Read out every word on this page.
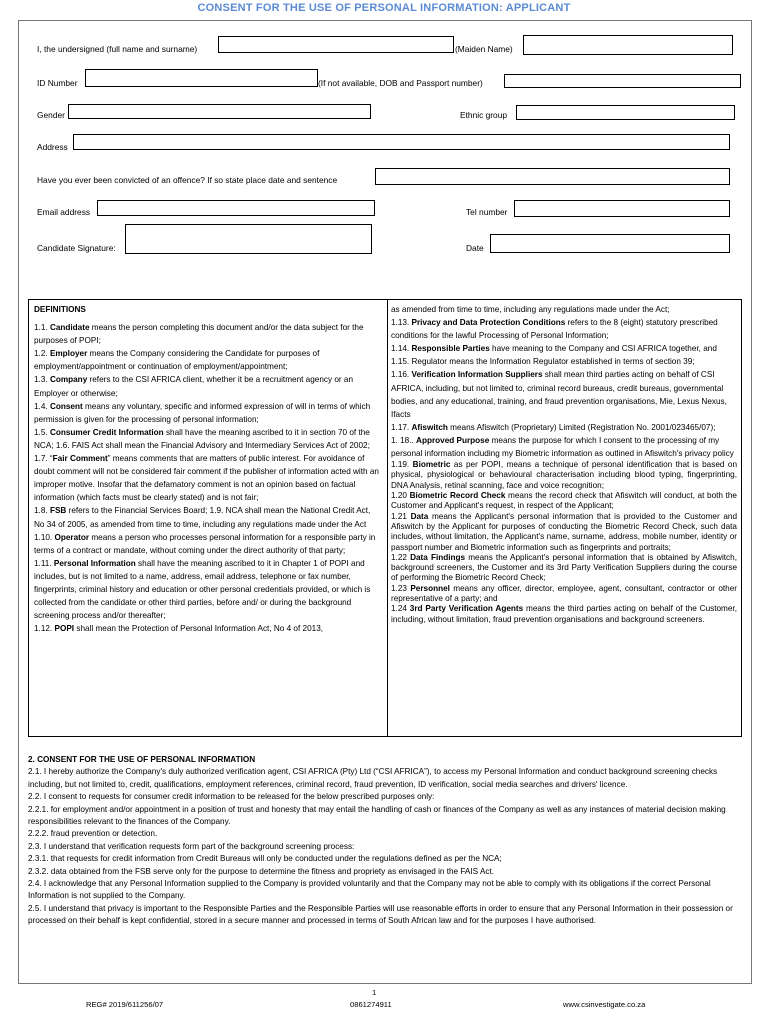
CONSENT FOR THE USE OF PERSONAL INFORMATION: APPLICANT
I, the undersigned (full name and surname)	(Maiden Name)
ID Number	(If not available, DOB and Passport number)
Gender	Ethnic group
Address
Have you ever been convicted of an offence? If so state place date and sentence
Email address	Tel number
Candidate Signature:	Date
DEFINITIONS

1.1. Candidate means the person completing this document and/or the data subject for the purposes of POPI;

1.2. Employer means the Company considering the Candidate for purposes of employment/appointment or continuation of employment/appointment;

1.3. Company refers to the CSI AFRICA client, whether it be a recruitment agency or an Employer or otherwise;

1.4. Consent means any voluntary, specific and informed expression of will in terms of which permission is given for the processing of personal information;

1.5. Consumer Credit Information shall have the meaning ascribed to it in section 70 of the NCA; 1.6. FAIS Act shall mean the Financial Advisory and Intermediary Services Act of 2002;

1.7. “Fair Comment” means comments that are matters of public interest. For avoidance of doubt comment will not be considered fair comment if the publisher of information acted with an improper motive. Insofar that the defamatory comment is not an opinion based on factual information (which facts must be clearly stated) and is not fair;

1.8. FSB refers to the Financial Services Board; 1.9. NCA shall mean the National Credit Act, No 34 of 2005, as amended from time to time, including any regulations made under the Act

1.10. Operator means a person who processes personal information for a responsible party in terms of a contract or mandate, without coming under the direct authority of that party;

1.11. Personal Information shall have the meaning ascribed to it in Chapter 1 of POPI and includes, but is not limited to a name, address, email address, telephone or fax number, fingerprints, criminal history and education or other personal credentials provided, or which is collected from the candidate or other third parties, before and/ or during the background screening process and/or thereafter;

1.12. POPI shall mean the Protection of Personal Information Act, No 4 of 2013,

as amended from time to time, including any regulations made under the Act;

1.13. Privacy and Data Protection Conditions refers to the 8 (eight) statutory prescribed conditions for the lawful Processing of Personal Information;

1.14. Responsible Parties have meaning to the Company and CSI AFRICA together, and 1.15. Regulator means the Information Regulator established in terms of section 39;

1.16. Verification Information Suppliers shall mean third parties acting on behalf of CSI AFRICA, including, but not limited to, criminal record bureaus, credit bureaus, governmental bodies, and any educational, training, and fraud prevention organisations, Mie, Lexus Nexus, Ifacts

1.17. Afiswitch means Afiswitch (Proprietary) Limited (Registration No. 2001/023465/07);

1. 18.. Approved Purpose means the purpose for which I consent to the processing of my personal information including my Biometric information as outlined in Afiswitch's privacy policy

1.19. Biometric as per POPI, means a technique of personal identification that is based on physical, physiological or behavioural characterisation including blood typing, fingerprinting, DNA Analysis, retinal scanning, face and voice recognition;

1.20 Biometric Record Check means the record check that Afiswitch will conduct, at both the Customer and Applicant's request, in respect of the Applicant;

1.21 Data means the Applicant's personal information that is provided to the Customer and Afiswitch by the Applicant for purposes of conducting the Biometric Record Check, such data includes, without limitation, the Applicant's name, surname, address, mobile number, identity or passport number and Biometric information such as fingerprints and portraits;

1.22 Data Findings means the Applicant's personal information that is obtained by Afiswitch, background screeners, the Customer and its 3rd Party Verification Suppliers during the course of performing the Biometric Record Check;

1.23 Personnel means any officer, director, employee, agent, consultant, contractor or other representative of a party; and

1.24 3rd Party Verification Agents means the third parties acting on behalf of the Customer, including, without limitation, fraud prevention organisations and background screeners.

2. CONSENT FOR THE USE OF PERSONAL INFORMATION

2.1. I hereby authorize the Company's duly authorized verification agent, CSI AFRICA (Pty) Ltd (“CSI AFRICA”), to access my Personal Information and conduct background screening checks including, but not limited to, credit, qualifications, employment references, criminal record, fraud prevention, ID verification, social media searches and drivers' licence.

2.2. I consent to requests for consumer credit information to be released for the below prescribed purposes only:

2.2.1. for employment and/or appointment in a position of trust and honesty that may entail the handling of cash or finances of the Company as well as any instances of material decision making responsibilities relevant to the finances of the Company.

2.2.2. fraud prevention or detection.

2.3. I understand that verification requests form part of the background screening process:

2.3.1. that requests for credit information from Credit Bureaus will only be conducted under the regulations defined as per the NCA;

2.3.2. data obtained from the FSB serve only for the purpose to determine the fitness and propriety as envisaged in the FAIS Act.

2.4. I acknowledge that any Personal Information supplied to the Company is provided voluntarily and that the Company may not be able to comply with its obligations if the correct Personal Information is not supplied to the Company.

2.5. I understand that privacy is important to the Responsible Parties and the Responsible Parties will use reasonable efforts in order to ensure that any Personal Information in their possession or processed on their behalf is kept confidential, stored in a secure manner and processed in terms of South African law and for the purposes I have authorised.

1
REG# 2019/611256/07	0861274911	www.csinvestigate.co.za
